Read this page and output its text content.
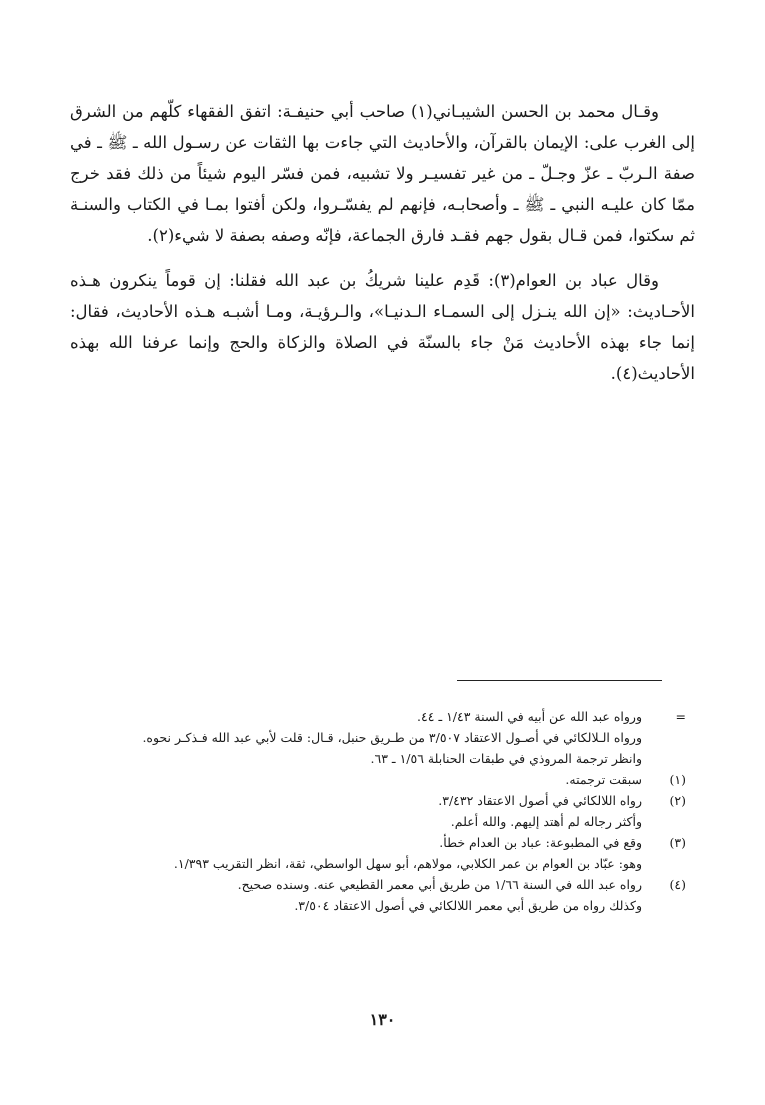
وقـال محمد بن الحسن الشيبـاني(١) صاحب أبي حنيفـة: اتفق الفقهاء كلّهم من الشرق إلى الغرب على: الإيمان بالقرآن، والأحاديث التي جاءت بها الثقات عن رسـول الله ـ ﷺ ـ في صفة الـربّ ـ عزّ وجـلّ ـ من غير تفسيـر ولا تشبيه، فمن فسّر اليوم شيئاً من ذلك فقد خرج ممّا كان عليـه النبي ـ ﷺ ـ وأصحابـه، فإنهم لم يفسّـروا، ولكن أفتوا بمـا في الكتاب والسنـة ثم سكتوا، فمن قـال بقول جهم فقـد فارق الجماعة، فإنّه وصفه بصفة لا شيء(٢).

وقال عباد بن العوام(٣): قَدِم علينا شريكُ بن عبد الله فقلنا: إن قوماً ينكرون هـذه الأحـاديث: «إن الله ينـزل إلى السمـاء الـدنيـا»، والـرؤيـة، ومـا أشبـه هـذه الأحاديث، فقال: إنما جاء بهذه الأحاديث مَنْ جاء بالسنّة في الصلاة والزكاة والحج وإنما عرفنا الله بهذه الأحاديث(٤).

=
ورواه عبد الله عن أبيه في السنة ١/٤٣ ـ ٤٤.
ورواه الـلالكائي في أصـول الاعتقاد ٣/٥٠٧ من طـريق حنبل، قـال: قلت لأبي عبد الله فـذكـر نحوه.
وانظر ترجمة المروذي في طبقات الحنابلة ١/٥٦ ـ ٦٣.
(١)
سبقت ترجمته.
(٢)
رواه اللالكائي في أصول الاعتقاد ٣/٤٣٢.
وأكثر رجاله لم أهتد إليهم. والله أعلم.
(٣)
وقع في المطبوعة: عباد بن العدام خطأ.
وهو: عبّاد بن العوام بن عمر الكلابي، مولاهم، أبو سهل الواسطي، ثقة، انظر التقريب ١/٣٩٣.
(٤)
رواه عبد الله في السنة ١/٦٦ من طريق أبي معمر القطيعي عنه. وسنده صحيح.
وكذلك رواه من طريق أبي معمر اللالكائي في أصول الاعتقاد ٣/٥٠٤.
١٣٠
